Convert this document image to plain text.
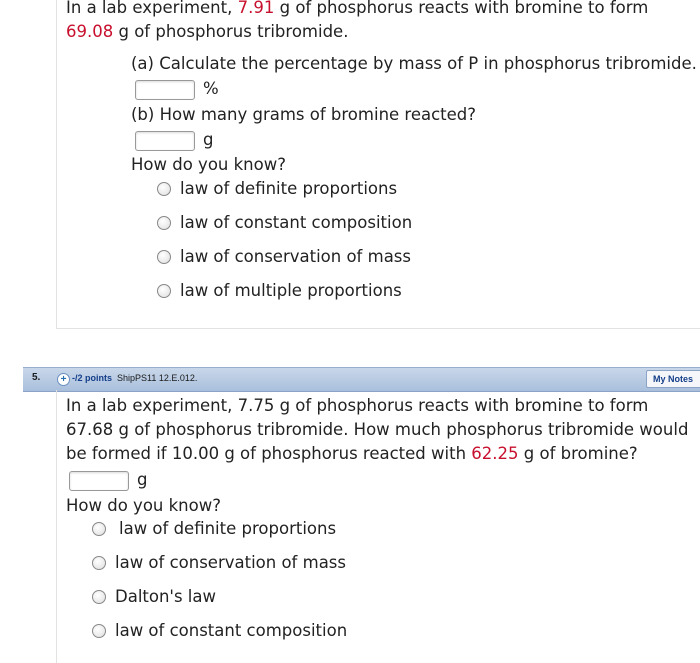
In a lab experiment, 7.91 g of phosphorus reacts with bromine to form
69.08 g of phosphorus tribromide.
(a) Calculate the percentage by mass of P in phosphorus tribromide.
%
(b) How many grams of bromine reacted?
g
How do you know?
law of definite proportions
law of constant composition
law of conservation of mass
law of multiple proportions
5.	+ -/2 points ShipPS11 12.E.012.	My Notes
In a lab experiment, 7.75 g of phosphorus reacts with bromine to form
67.68 g of phosphorus tribromide. How much phosphorus tribromide would
be formed if 10.00 g of phosphorus reacted with 62.25 g of bromine?
g
How do you know?
law of definite proportions
law of conservation of mass
Dalton's law
law of constant composition
